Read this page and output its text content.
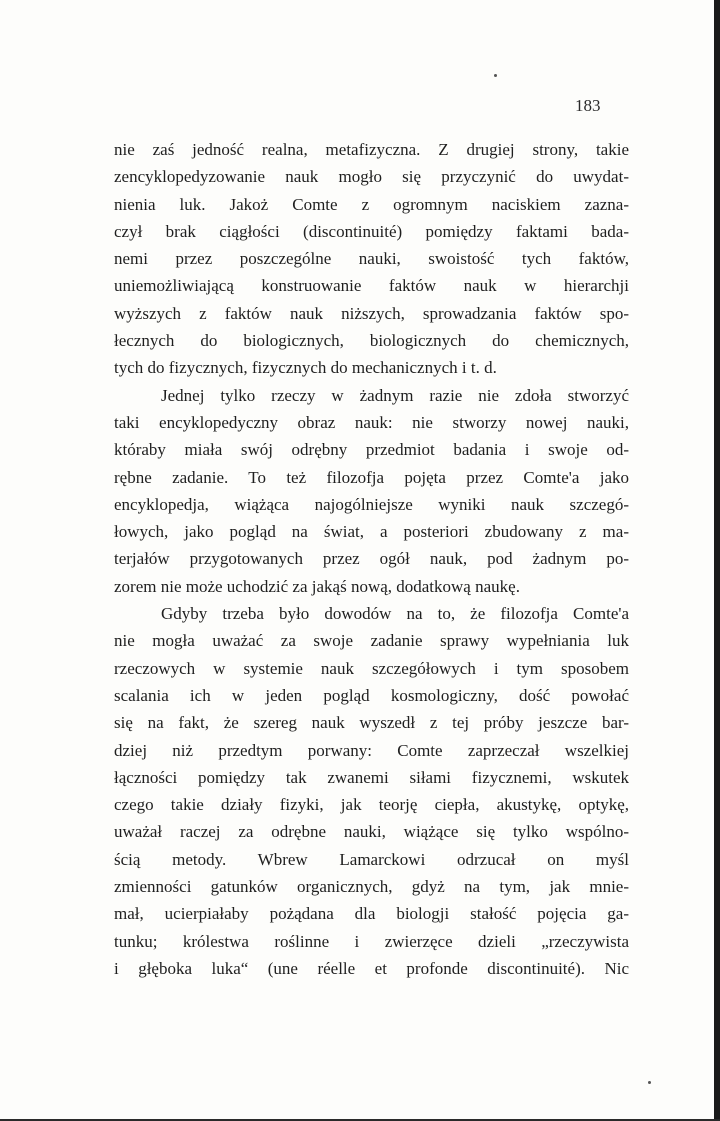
183

nie zaś jedność realna, metafizyczna. Z drugiej strony, takie
zencyklopedyzowanie nauk mogło się przyczynić do uwydat-
nienia luk. Jakoż Comte z ogromnym naciskiem zazna-
czył brak ciągłości (discontinuité) pomiędzy faktami bada-
nemi przez poszczególne nauki, swoistość tych faktów,
uniemożliwiającą konstruowanie faktów nauk w hierarchji
wyższych z faktów nauk niższych, sprowadzania faktów spo-
łecznych do biologicznych, biologicznych do chemicznych,
tych do fizycznych, fizycznych do mechanicznych i t. d.
Jednej tylko rzeczy w żadnym razie nie zdoła stworzyć
taki encyklopedyczny obraz nauk: nie stworzy nowej nauki,
któraby miała swój odrębny przedmiot badania i swoje od-
rębne zadanie. To też filozofja pojęta przez Comte'a jako
encyklopedja, wiążąca najogólniejsze wyniki nauk szczegó-
łowych, jako pogląd na świat, a posteriori zbudowany z ma-
terjałów przygotowanych przez ogół nauk, pod żadnym po-
zorem nie może uchodzić za jakąś nową, dodatkową naukę.
Gdyby trzeba było dowodów na to, że filozofja Comte'a
nie mogła uważać za swoje zadanie sprawy wypełniania luk
rzeczowych w systemie nauk szczegółowych i tym sposobem
scalania ich w jeden pogląd kosmologiczny, dość powołać
się na fakt, że szereg nauk wyszedł z tej próby jeszcze bar-
dziej niż przedtym porwany: Comte zaprzeczał wszelkiej
łączności pomiędzy tak zwanemi siłami fizycznemi, wskutek
czego takie działy fizyki, jak teorję ciepła, akustykę, optykę,
uważał raczej za odrębne nauki, wiążące się tylko wspólno-
ścią metody. Wbrew Lamarckowi odrzucał on myśl
zmienności gatunków organicznych, gdyż na tym, jak mnie-
mał, ucierpiałaby pożądana dla biologji stałość pojęcia ga-
tunku; królestwa roślinne i zwierzęce dzieli „rzeczywista
i głęboka luka“ (une réelle et profonde discontinuité). Nic
